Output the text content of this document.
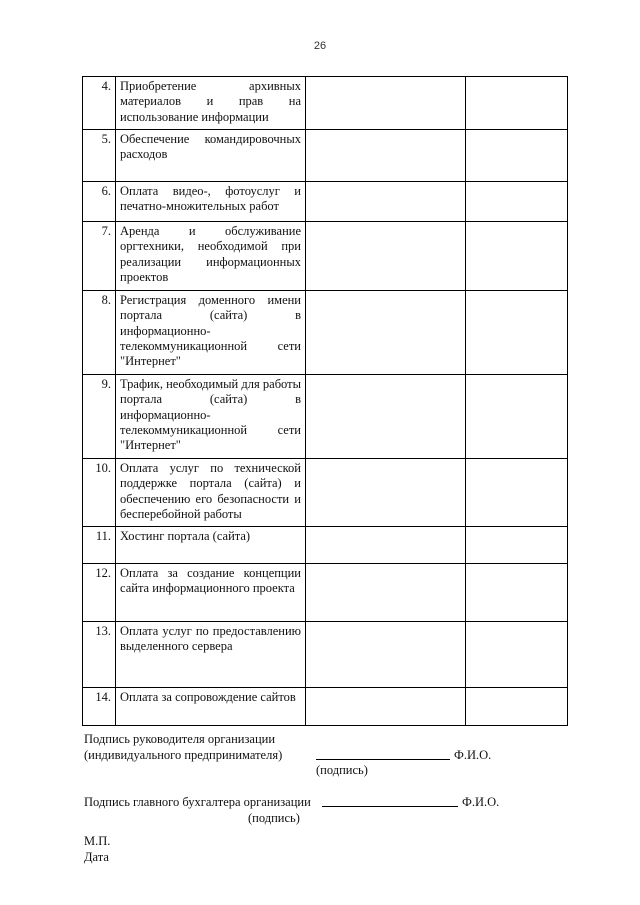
26
4.	Приобретение архивных материалов и прав на использование информации		
5.	Обеспечение командировочных расходов		
6.	Оплата видео-, фотоуслуг и печатно-множительных работ		
7.	Аренда и обслуживание оргтехники, необходимой при реализации информационных проектов		
8.	Регистрация доменного имени портала (сайта) в информационно-телекоммуникационной сети "Интернет"		
9.	Трафик, необходимый для работы портала (сайта) в информационно-телекоммуникационной сети "Интернет"		
10.	Оплата услуг по технической поддержке портала (сайта) и обеспечению его безопасности и бесперебойной работы		
11.	Хостинг портала (сайта)		
12.	Оплата за создание концепции сайта информационного проекта		
13.	Оплата услуг по предоставлению выделенного сервера		
14.	Оплата за сопровождение сайтов		
Подпись руководителя организации
(индивидуального предпринимателя)	Ф.И.О.
(подпись)
Подпись главного бухгалтера организации	Ф.И.О.
(подпись)
М.П.
Дата
